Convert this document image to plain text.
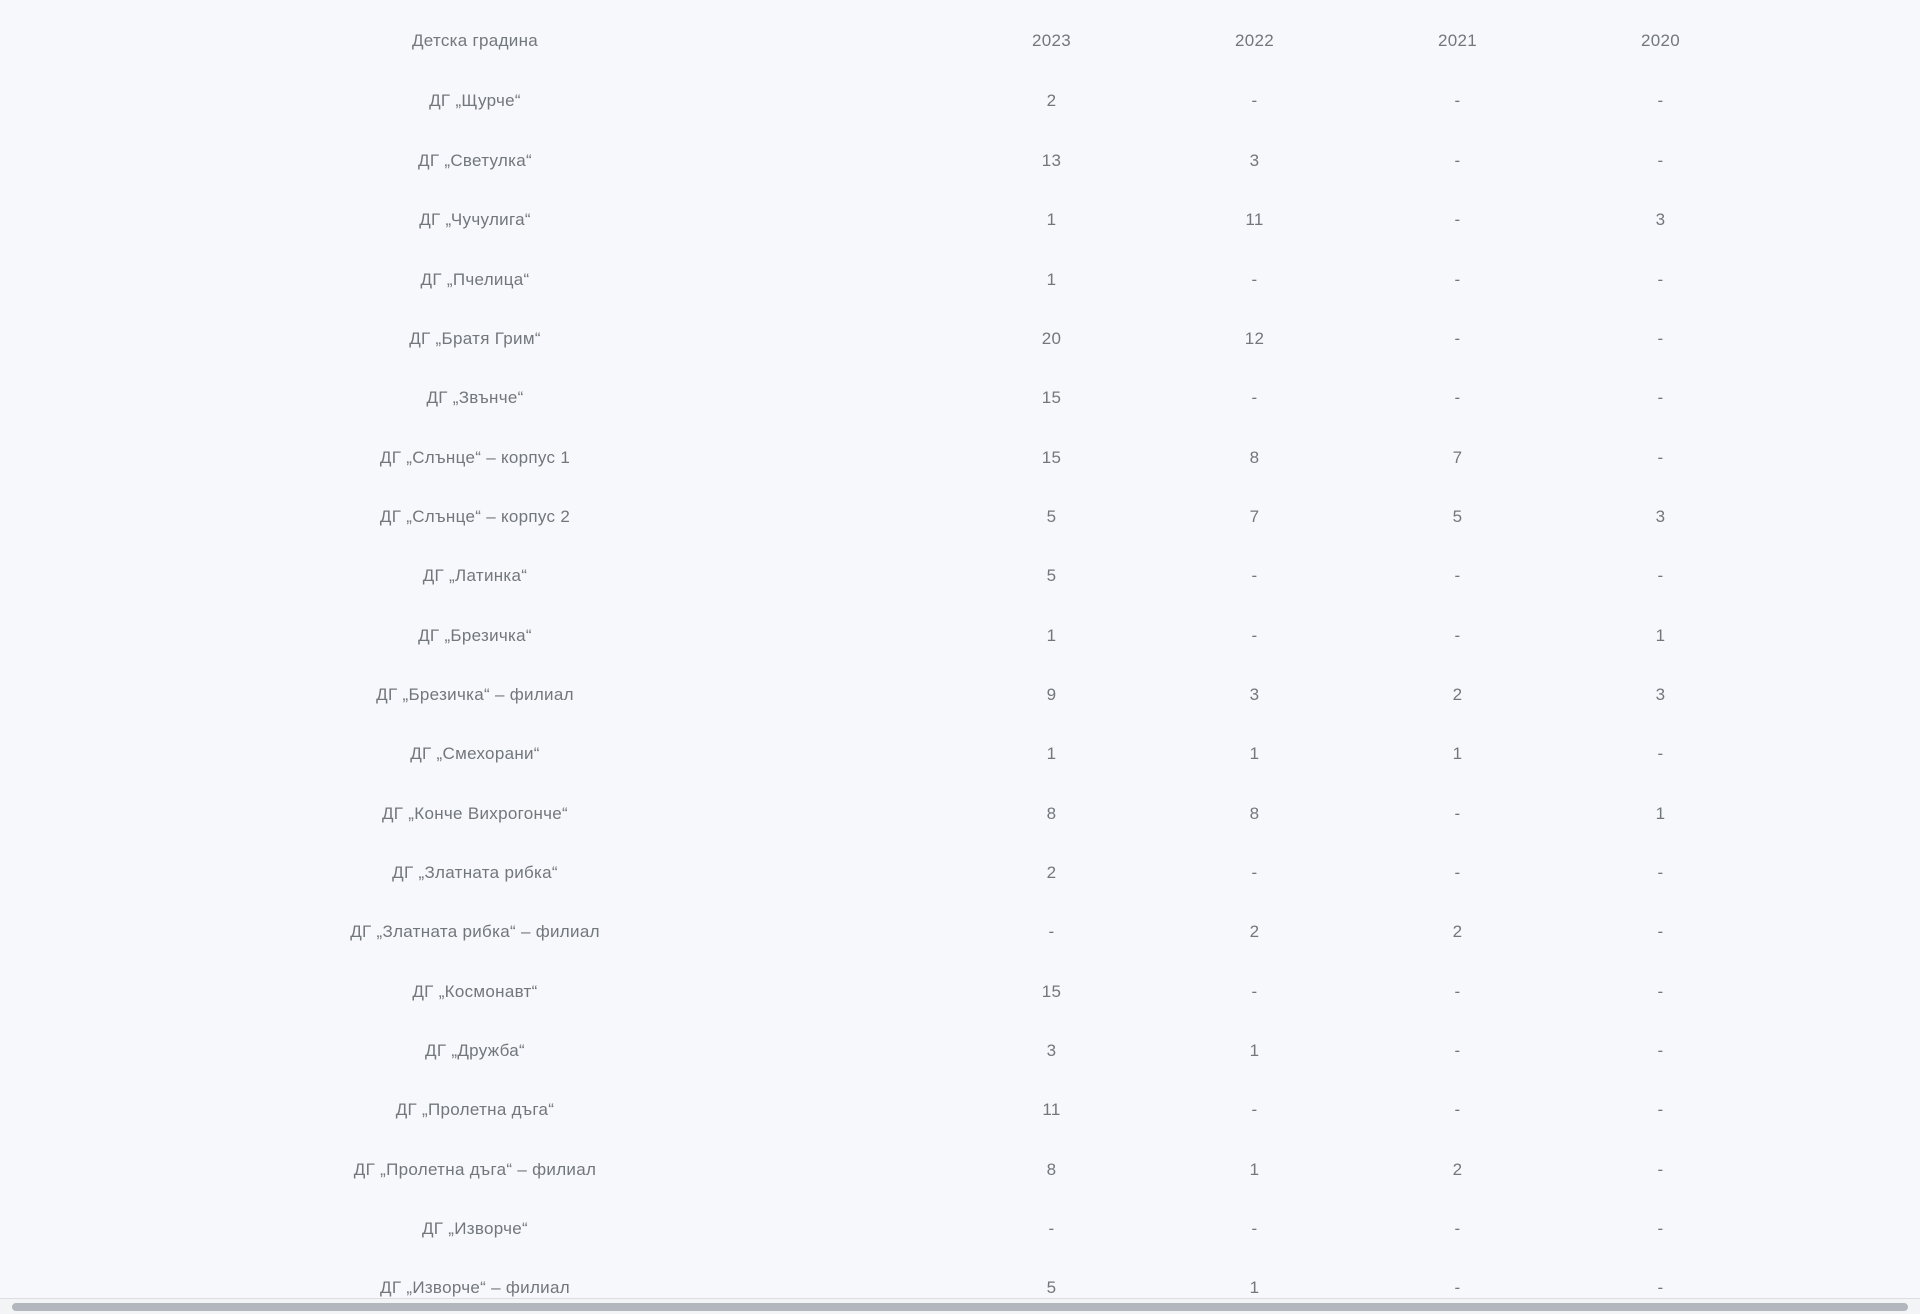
Детска градина	2023	2022	2021	2020
ДГ „Щурче“	2	-	-	-
ДГ „Светулка“	13	3	-	-
ДГ „Чучулига“	1	11	-	3
ДГ „Пчелица“	1	-	-	-
ДГ „Братя Грим“	20	12	-	-
ДГ „Звънче“	15	-	-	-
ДГ „Слънце“ – корпус 1	15	8	7	-
ДГ „Слънце“ – корпус 2	5	7	5	3
ДГ „Латинка“	5	-	-	-
ДГ „Брезичка“	1	-	-	1
ДГ „Брезичка“ – филиал	9	3	2	3
ДГ „Смехорани“	1	1	1	-
ДГ „Конче Вихрогонче“	8	8	-	1
ДГ „Златната рибка“	2	-	-	-
ДГ „Златната рибка“ – филиал	-	2	2	-
ДГ „Космонавт“	15	-	-	-
ДГ „Дружба“	3	1	-	-
ДГ „Пролетна дъга“	11	-	-	-
ДГ „Пролетна дъга“ – филиал	8	1	2	-
ДГ „Изворче“	-	-	-	-
ДГ „Изворче“ – филиал	5	1	-	-
